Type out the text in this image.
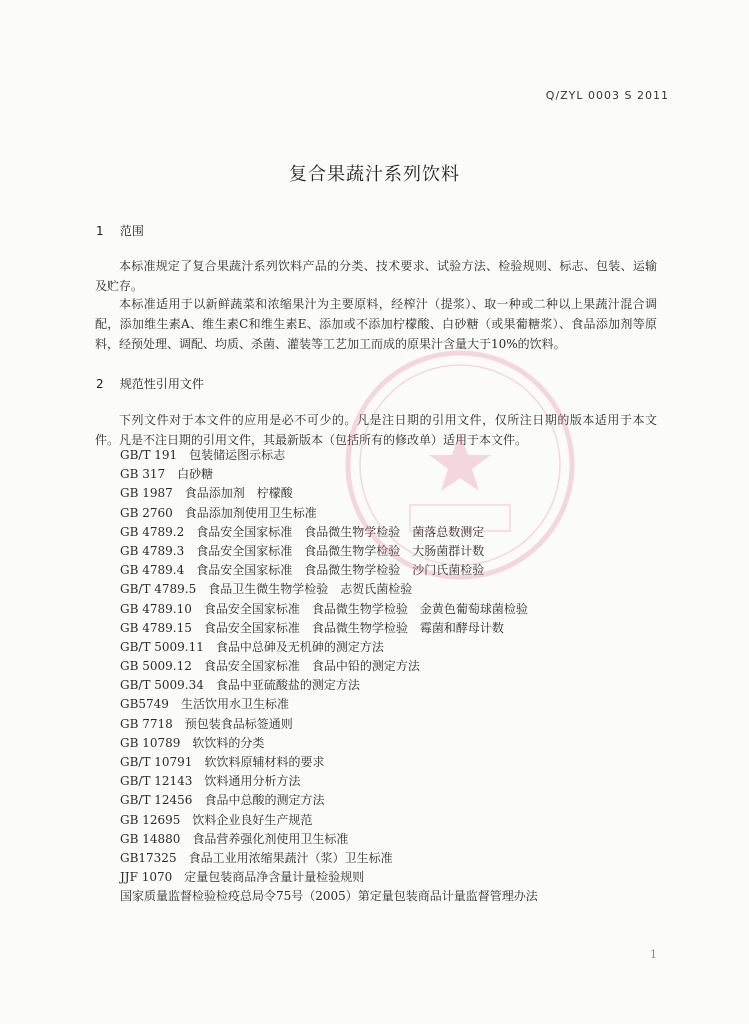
Q/ZYL 0003 S 2011
复合果蔬汁系列饮料
1 范围
本标准规定了复合果蔬汁系列饮料产品的分类、技术要求、试验方法、检验规则、标志、包装、运输及贮存。
本标准适用于以新鲜蔬菜和浓缩果汁为主要原料，经榨汁（提浆）、取一种或二种以上果蔬汁混合调配，添加维生素A、维生素C和维生素E、添加或不添加柠檬酸、白砂糖（或果葡糖浆）、食品添加剂等原料，经预处理、调配、均质、杀菌、灌装等工艺加工而成的原果汁含量大于10%的饮料。
2 规范性引用文件
下列文件对于本文件的应用是必不可少的。凡是注日期的引用文件，仅所注日期的版本适用于本文件。凡是不注日期的引用文件，其最新版本（包括所有的修改单）适用于本文件。
GB/T 191　包装储运图示标志
GB 317　白砂糖
GB 1987　食品添加剂　柠檬酸
GB 2760　食品添加剂使用卫生标准
GB 4789.2　食品安全国家标准　食品微生物学检验　菌落总数测定
GB 4789.3　食品安全国家标准　食品微生物学检验　大肠菌群计数
GB 4789.4　食品安全国家标准　食品微生物学检验　沙门氏菌检验
GB/T 4789.5　食品卫生微生物学检验　志贺氏菌检验
GB 4789.10　食品安全国家标准　食品微生物学检验　金黄色葡萄球菌检验
GB 4789.15　食品安全国家标准　食品微生物学检验　霉菌和酵母计数
GB/T 5009.11　食品中总砷及无机砷的测定方法
GB 5009.12　食品安全国家标准　食品中铅的测定方法
GB/T 5009.34　食品中亚硫酸盐的测定方法
GB5749　生活饮用水卫生标准
GB 7718　预包装食品标签通则
GB 10789　软饮料的分类
GB/T 10791　软饮料原辅材料的要求
GB/T 12143　饮料通用分析方法
GB/T 12456　食品中总酸的测定方法
GB 12695　饮料企业良好生产规范
GB 14880　食品营养强化剂使用卫生标准
GB17325　食品工业用浓缩果蔬汁（浆）卫生标准
JJF 1070　定量包装商品净含量计量检验规则
国家质量监督检验检疫总局令75号（2005）第定量包装商品计量监督管理办法
1
